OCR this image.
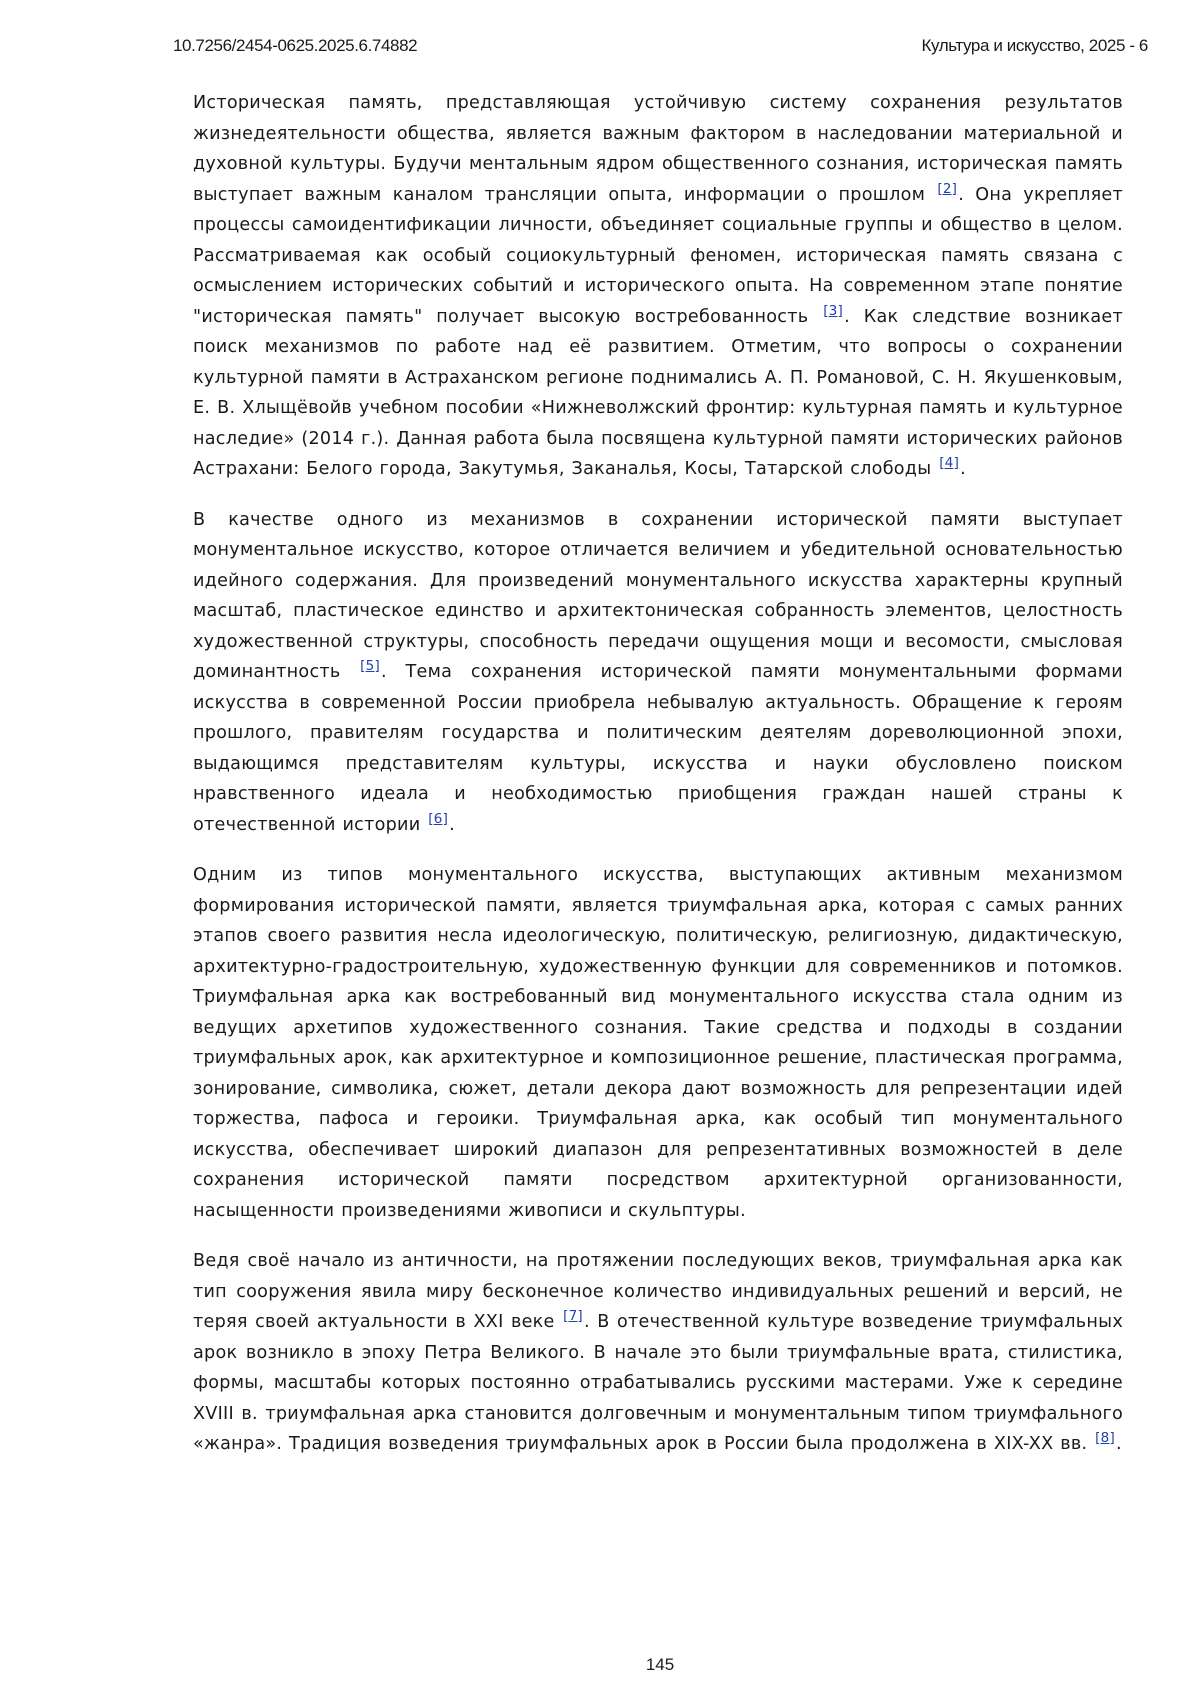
10.7256/2454-0625.2025.6.74882	Культура и искусство, 2025 - 6

Историческая память, представляющая устойчивую систему сохранения результатов жизнедеятельности общества, является важным фактором в наследовании материальной и духовной культуры. Будучи ментальным ядром общественного сознания, историческая память выступает важным каналом трансляции опыта, информации о прошлом [2]. Она укрепляет процессы самоидентификации личности, объединяет социальные группы и общество в целом. Рассматриваемая как особый социокультурный феномен, историческая память связана с осмыслением исторических событий и исторического опыта. На современном этапе понятие "историческая память" получает высокую востребованность [3]. Как следствие возникает поиск механизмов по работе над её развитием. Отметим, что вопросы о сохранении культурной памяти в Астраханском регионе поднимались А. П. Романовой, С. Н. Якушенковым, Е. В. Хлыщёвойв учебном пособии «Нижневолжский фронтир: культурная память и культурное наследие» (2014 г.). Данная работа была посвящена культурной памяти исторических районов Астрахани: Белого города, Закутумья, Заканалья, Косы, Татарской слободы [4].

В качестве одного из механизмов в сохранении исторической памяти выступает монументальное искусство, которое отличается величием и убедительной основательностью идейного содержания. Для произведений монументального искусства характерны крупный масштаб, пластическое единство и архитектоническая собранность элементов, целостность художественной структуры, способность передачи ощущения мощи и весомости, смысловая доминантность [5]. Тема сохранения исторической памяти монументальными формами искусства в современной России приобрела небывалую актуальность. Обращение к героям прошлого, правителям государства и политическим деятелям дореволюционной эпохи, выдающимся представителям культуры, искусства и науки обусловлено поиском нравственного идеала и необходимостью приобщения граждан нашей страны к отечественной истории [6].

Одним из типов монументального искусства, выступающих активным механизмом формирования исторической памяти, является триумфальная арка, которая с самых ранних этапов своего развития несла идеологическую, политическую, религиозную, дидактическую, архитектурно-градостроительную, художественную функции для современников и потомков. Триумфальная арка как востребованный вид монументального искусства стала одним из ведущих архетипов художественного сознания. Такие средства и подходы в создании триумфальных арок, как архитектурное и композиционное решение, пластическая программа, зонирование, символика, сюжет, детали декора дают возможность для репрезентации идей торжества, пафоса и героики. Триумфальная арка, как особый тип монументального искусства, обеспечивает широкий диапазон для репрезентативных возможностей в деле сохранения исторической памяти посредством архитектурной организованности, насыщенности произведениями живописи и скульптуры.

Ведя своё начало из античности, на протяжении последующих веков, триумфальная арка как тип сооружения явила миру бесконечное количество индивидуальных решений и версий, не теряя своей актуальности в XXI веке [7]. В отечественной культуре возведение триумфальных арок возникло в эпоху Петра Великого. В начале это были триумфальные врата, стилистика, формы, масштабы которых постоянно отрабатывались русскими мастерами. Уже к середине XVIII в. триумфальная арка становится долговечным и монументальным типом триумфального «жанра». Традиция возведения триумфальных арок в России была продолжена в XIX-XX вв. [8].

145
